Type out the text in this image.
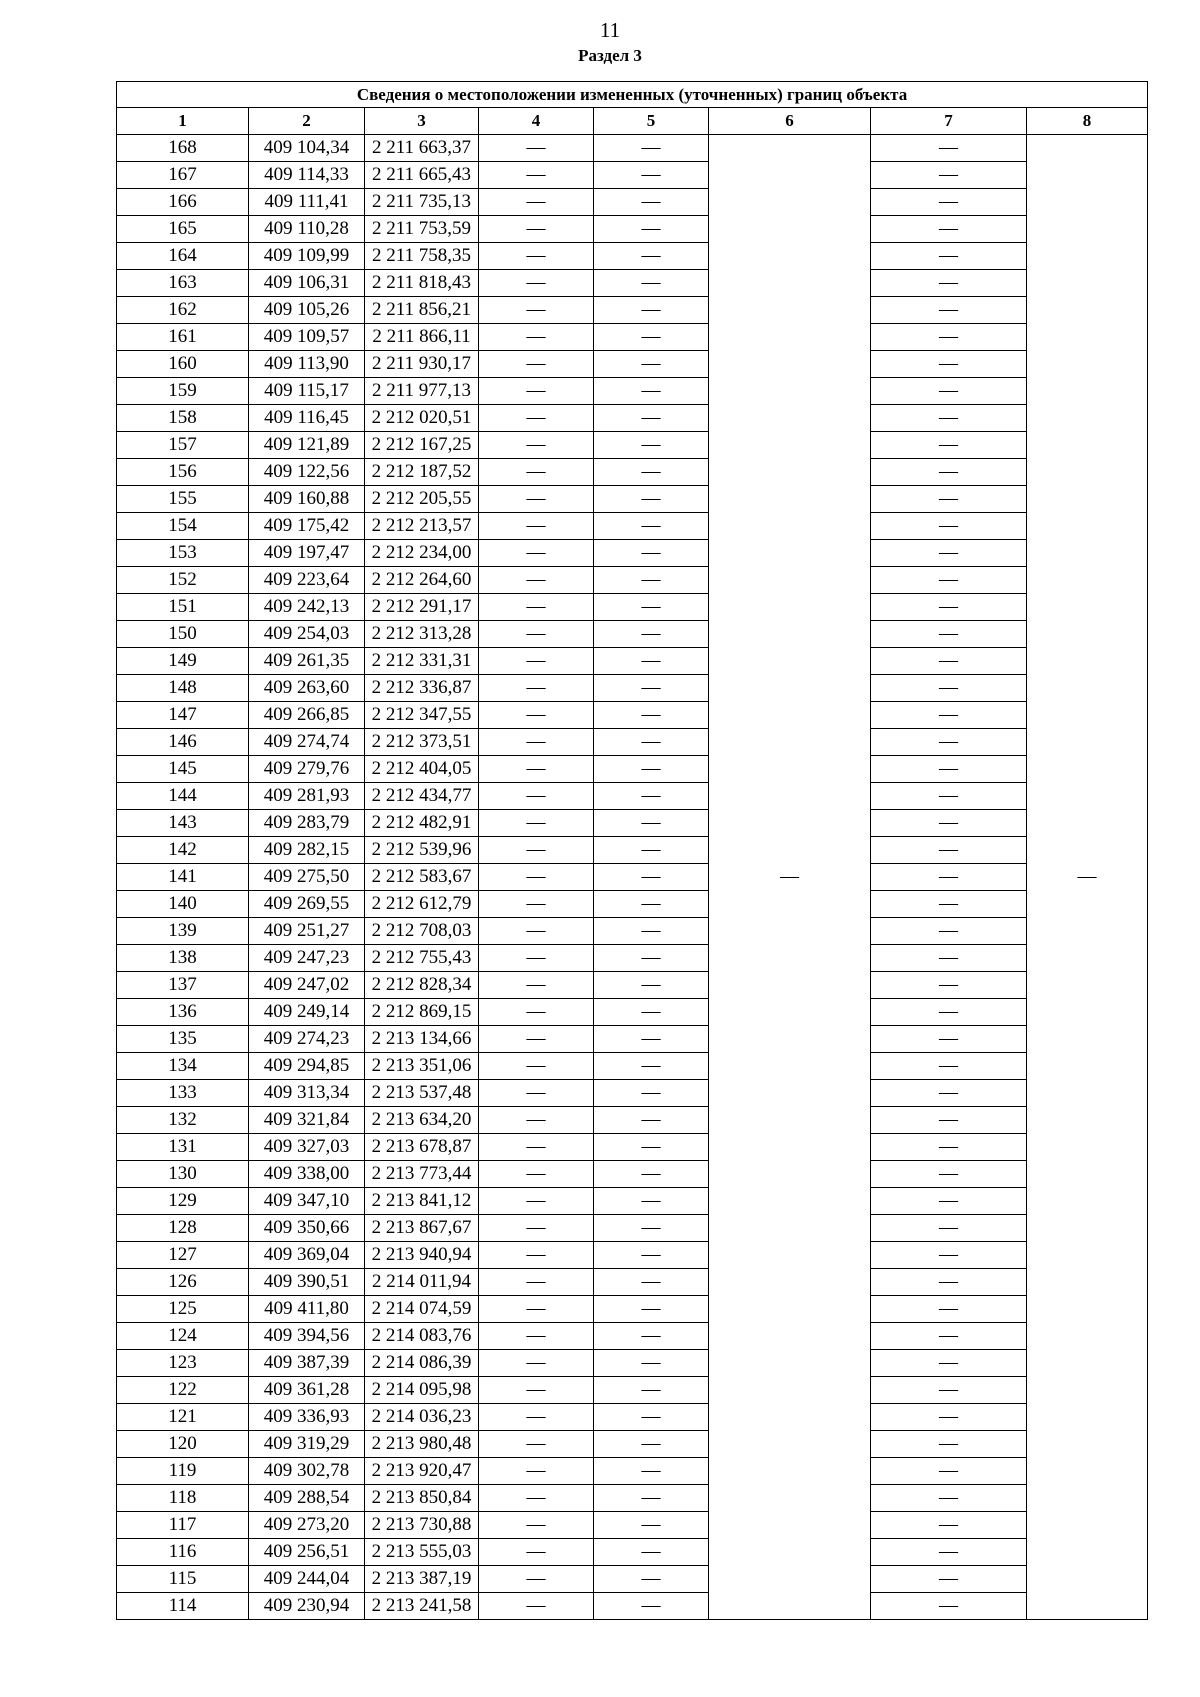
11
Раздел 3
Сведения о местоположении измененных (уточненных) границ объекта							
1	2	3	4	5	6	7	8
168	409 104,34	2 211 663,37	—	—	—	—	—
167	409 114,33	2 211 665,43	—	—		—	
166	409 111,41	2 211 735,13	—	—		—	
165	409 110,28	2 211 753,59	—	—		—	
164	409 109,99	2 211 758,35	—	—		—	
163	409 106,31	2 211 818,43	—	—		—	
162	409 105,26	2 211 856,21	—	—		—	
161	409 109,57	2 211 866,11	—	—		—	
160	409 113,90	2 211 930,17	—	—		—	
159	409 115,17	2 211 977,13	—	—		—	
158	409 116,45	2 212 020,51	—	—		—	
157	409 121,89	2 212 167,25	—	—		—	
156	409 122,56	2 212 187,52	—	—		—	
155	409 160,88	2 212 205,55	—	—		—	
154	409 175,42	2 212 213,57	—	—		—	
153	409 197,47	2 212 234,00	—	—		—	
152	409 223,64	2 212 264,60	—	—		—	
151	409 242,13	2 212 291,17	—	—		—	
150	409 254,03	2 212 313,28	—	—		—	
149	409 261,35	2 212 331,31	—	—		—	
148	409 263,60	2 212 336,87	—	—		—	
147	409 266,85	2 212 347,55	—	—		—	
146	409 274,74	2 212 373,51	—	—		—	
145	409 279,76	2 212 404,05	—	—		—	
144	409 281,93	2 212 434,77	—	—		—	
143	409 283,79	2 212 482,91	—	—		—	
142	409 282,15	2 212 539,96	—	—		—	
141	409 275,50	2 212 583,67	—	—		—	
140	409 269,55	2 212 612,79	—	—		—	
139	409 251,27	2 212 708,03	—	—		—	
138	409 247,23	2 212 755,43	—	—		—	
137	409 247,02	2 212 828,34	—	—		—	
136	409 249,14	2 212 869,15	—	—		—	
135	409 274,23	2 213 134,66	—	—		—	
134	409 294,85	2 213 351,06	—	—		—	
133	409 313,34	2 213 537,48	—	—		—	
132	409 321,84	2 213 634,20	—	—		—	
131	409 327,03	2 213 678,87	—	—		—	
130	409 338,00	2 213 773,44	—	—		—	
129	409 347,10	2 213 841,12	—	—		—	
128	409 350,66	2 213 867,67	—	—		—	
127	409 369,04	2 213 940,94	—	—		—	
126	409 390,51	2 214 011,94	—	—		—	
125	409 411,80	2 214 074,59	—	—		—	
124	409 394,56	2 214 083,76	—	—		—	
123	409 387,39	2 214 086,39	—	—		—	
122	409 361,28	2 214 095,98	—	—		—	
121	409 336,93	2 214 036,23	—	—		—	
120	409 319,29	2 213 980,48	—	—		—	
119	409 302,78	2 213 920,47	—	—		—	
118	409 288,54	2 213 850,84	—	—		—	
117	409 273,20	2 213 730,88	—	—		—	
116	409 256,51	2 213 555,03	—	—		—	
115	409 244,04	2 213 387,19	—	—		—	
114	409 230,94	2 213 241,58	—	—		—	
